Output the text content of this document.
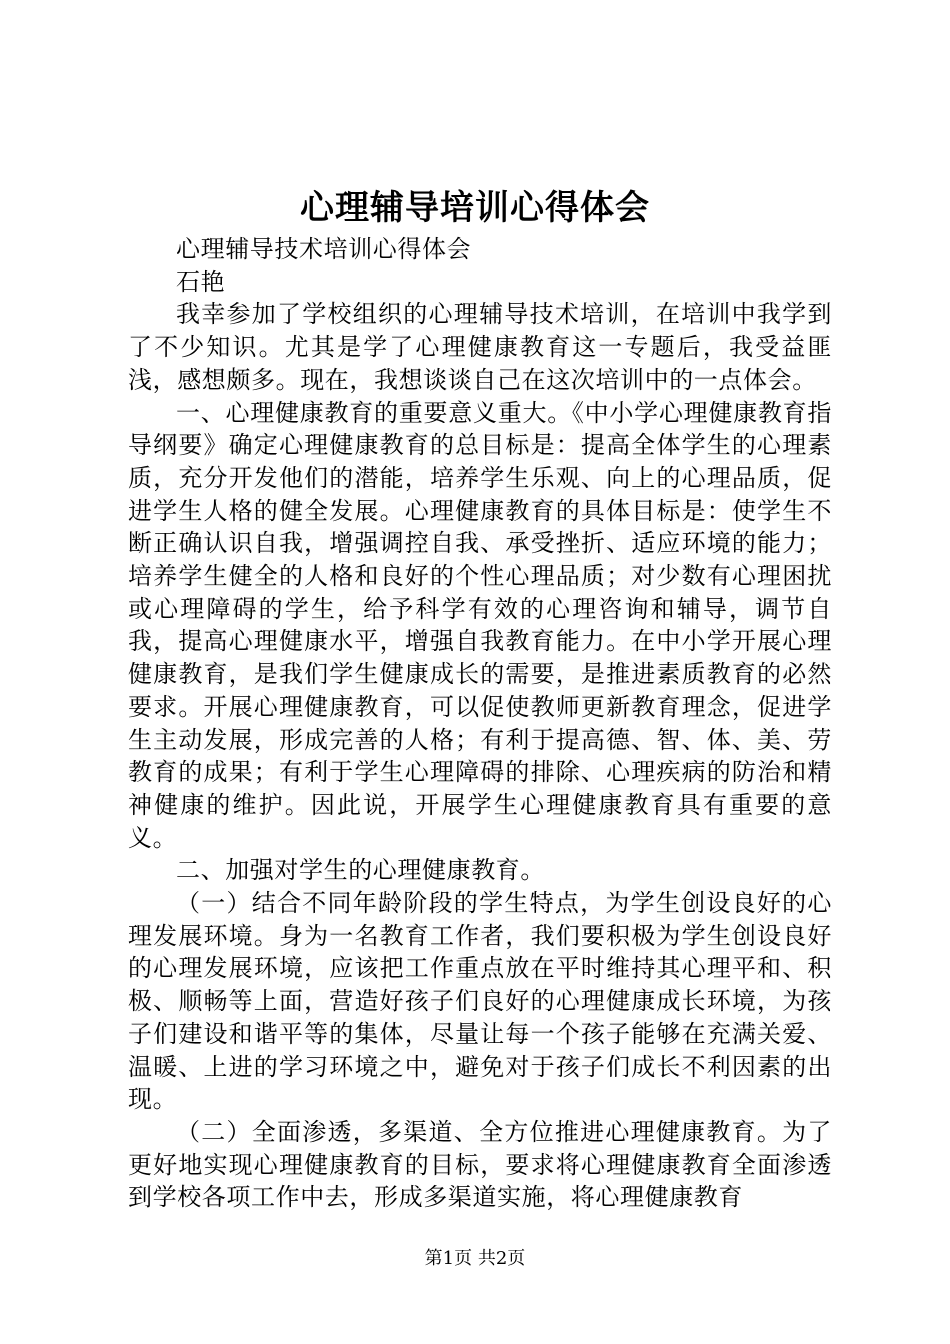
心理辅导培训心得体会

心理辅导技术培训心得体会

石艳

我幸参加了学校组织的心理辅导技术培训，在培训中我学到了不少知识。尤其是学了心理健康教育这一专题后，我受益匪浅，感想颇多。现在，我想谈谈自己在这次培训中的一点体会。

一、心理健康教育的重要意义重大。《中小学心理健康教育指导纲要》确定心理健康教育的总目标是：提高全体学生的心理素质，充分开发他们的潜能，培养学生乐观、向上的心理品质，促进学生人格的健全发展。心理健康教育的具体目标是：使学生不断正确认识自我，增强调控自我、承受挫折、适应环境的能力；培养学生健全的人格和良好的个性心理品质；对少数有心理困扰或心理障碍的学生，给予科学有效的心理咨询和辅导，调节自我，提高心理健康水平，增强自我教育能力。在中小学开展心理健康教育，是我们学生健康成长的需要，是推进素质教育的必然要求。开展心理健康教育，可以促使教师更新教育理念，促进学生主动发展，形成完善的人格；有利于提高德、智、体、美、劳教育的成果；有利于学生心理障碍的排除、心理疾病的防治和精神健康的维护。因此说，开展学生心理健康教育具有重要的意义。

二、加强对学生的心理健康教育。

（一）结合不同年龄阶段的学生特点，为学生创设良好的心理发展环境。身为一名教育工作者，我们要积极为学生创设良好的心理发展环境，应该把工作重点放在平时维持其心理平和、积极、顺畅等上面，营造好孩子们良好的心理健康成长环境，为孩子们建设和谐平等的集体，尽量让每一个孩子能够在充满关爱、温暖、上进的学习环境之中，避免对于孩子们成长不利因素的出现。

（二）全面渗透，多渠道、全方位推进心理健康教育。为了更好地实现心理健康教育的目标，要求将心理健康教育全面渗透到学校各项工作中去，形成多渠道实施，将心理健康教育

第1页 共2页
